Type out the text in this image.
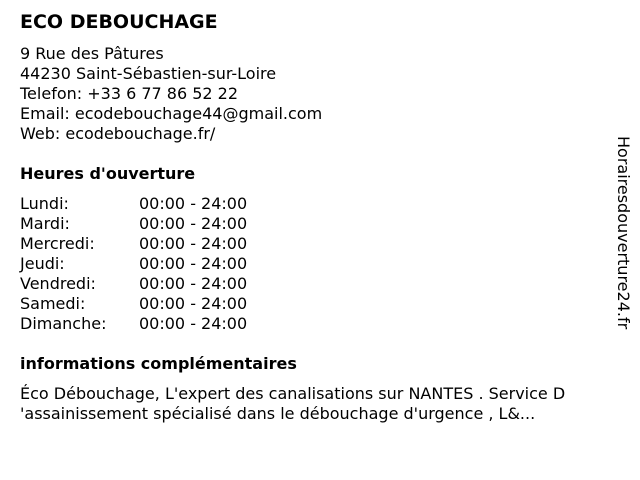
ECO DEBOUCHAGE
9 Rue des Pâtures
44230 Saint-Sébastien-sur-Loire
Telefon: +33 6 77 86 52 22
Email: ecodebouchage44@gmail.com
Web: ecodebouchage.fr/
Heures d'ouverture
Lundi:	00:00 - 24:00
Mardi:	00:00 - 24:00
Mercredi:	00:00 - 24:00
Jeudi:	00:00 - 24:00
Vendredi:	00:00 - 24:00
Samedi:	00:00 - 24:00
Dimanche: 00:00 - 24:00
informations complémentaires
Éco Débouchage, L'expert des canalisations sur NANTES . Service D
'assainissement spécialisé dans le débouchage d'urgence , L&...
Horairesdouverture24.fr
